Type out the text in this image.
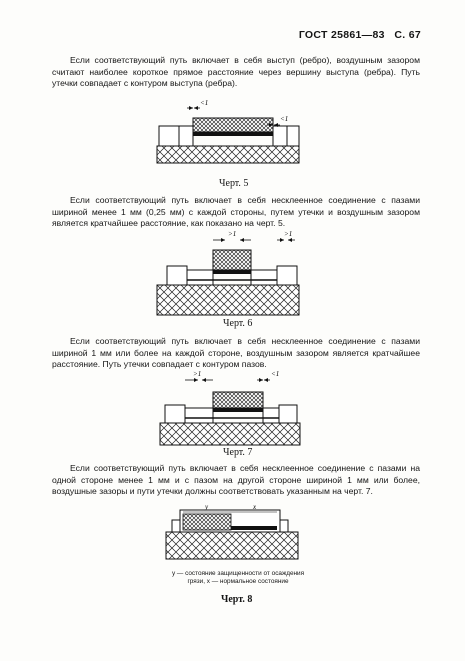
ГОСТ 25861—83 С. 67

Если соответствующий путь включает в себя выступ (ребро), воздушным зазором считают наиболее короткое прямое расстояние через вершину выступа (ребра). Путь утечки совпадает с контуром выступа (ребра).

<1
<1
Черт. 5

Если соответствующий путь включает в себя несклеенное соединение с пазами шириной менее 1 мм (0,25 мм) с каждой стороны, путем утечки и воздушным зазором является кратчайшее расстояние, как показано на черт. 5.

>1	>1
Черт. 6

Если соответствующий путь включает в себя несклеенное соединение с пазами шириной 1 мм или более на каждой стороне, воздушным зазором является кратчайшее расстояние. Путь утечки совпадает с контуром пазов.

>1	<1
Черт. 7

Если соответствующий путь включает в себя несклеенное соединение с пазами на одной стороне менее 1 мм и с пазом на другой стороне шириной 1 мм или более, воздушные зазоры и пути утечки должны соответствовать указанным на черт. 7.

y	x

y — состояние защищенности от осаждения грязи, x — нормальное состояние

Черт. 8
